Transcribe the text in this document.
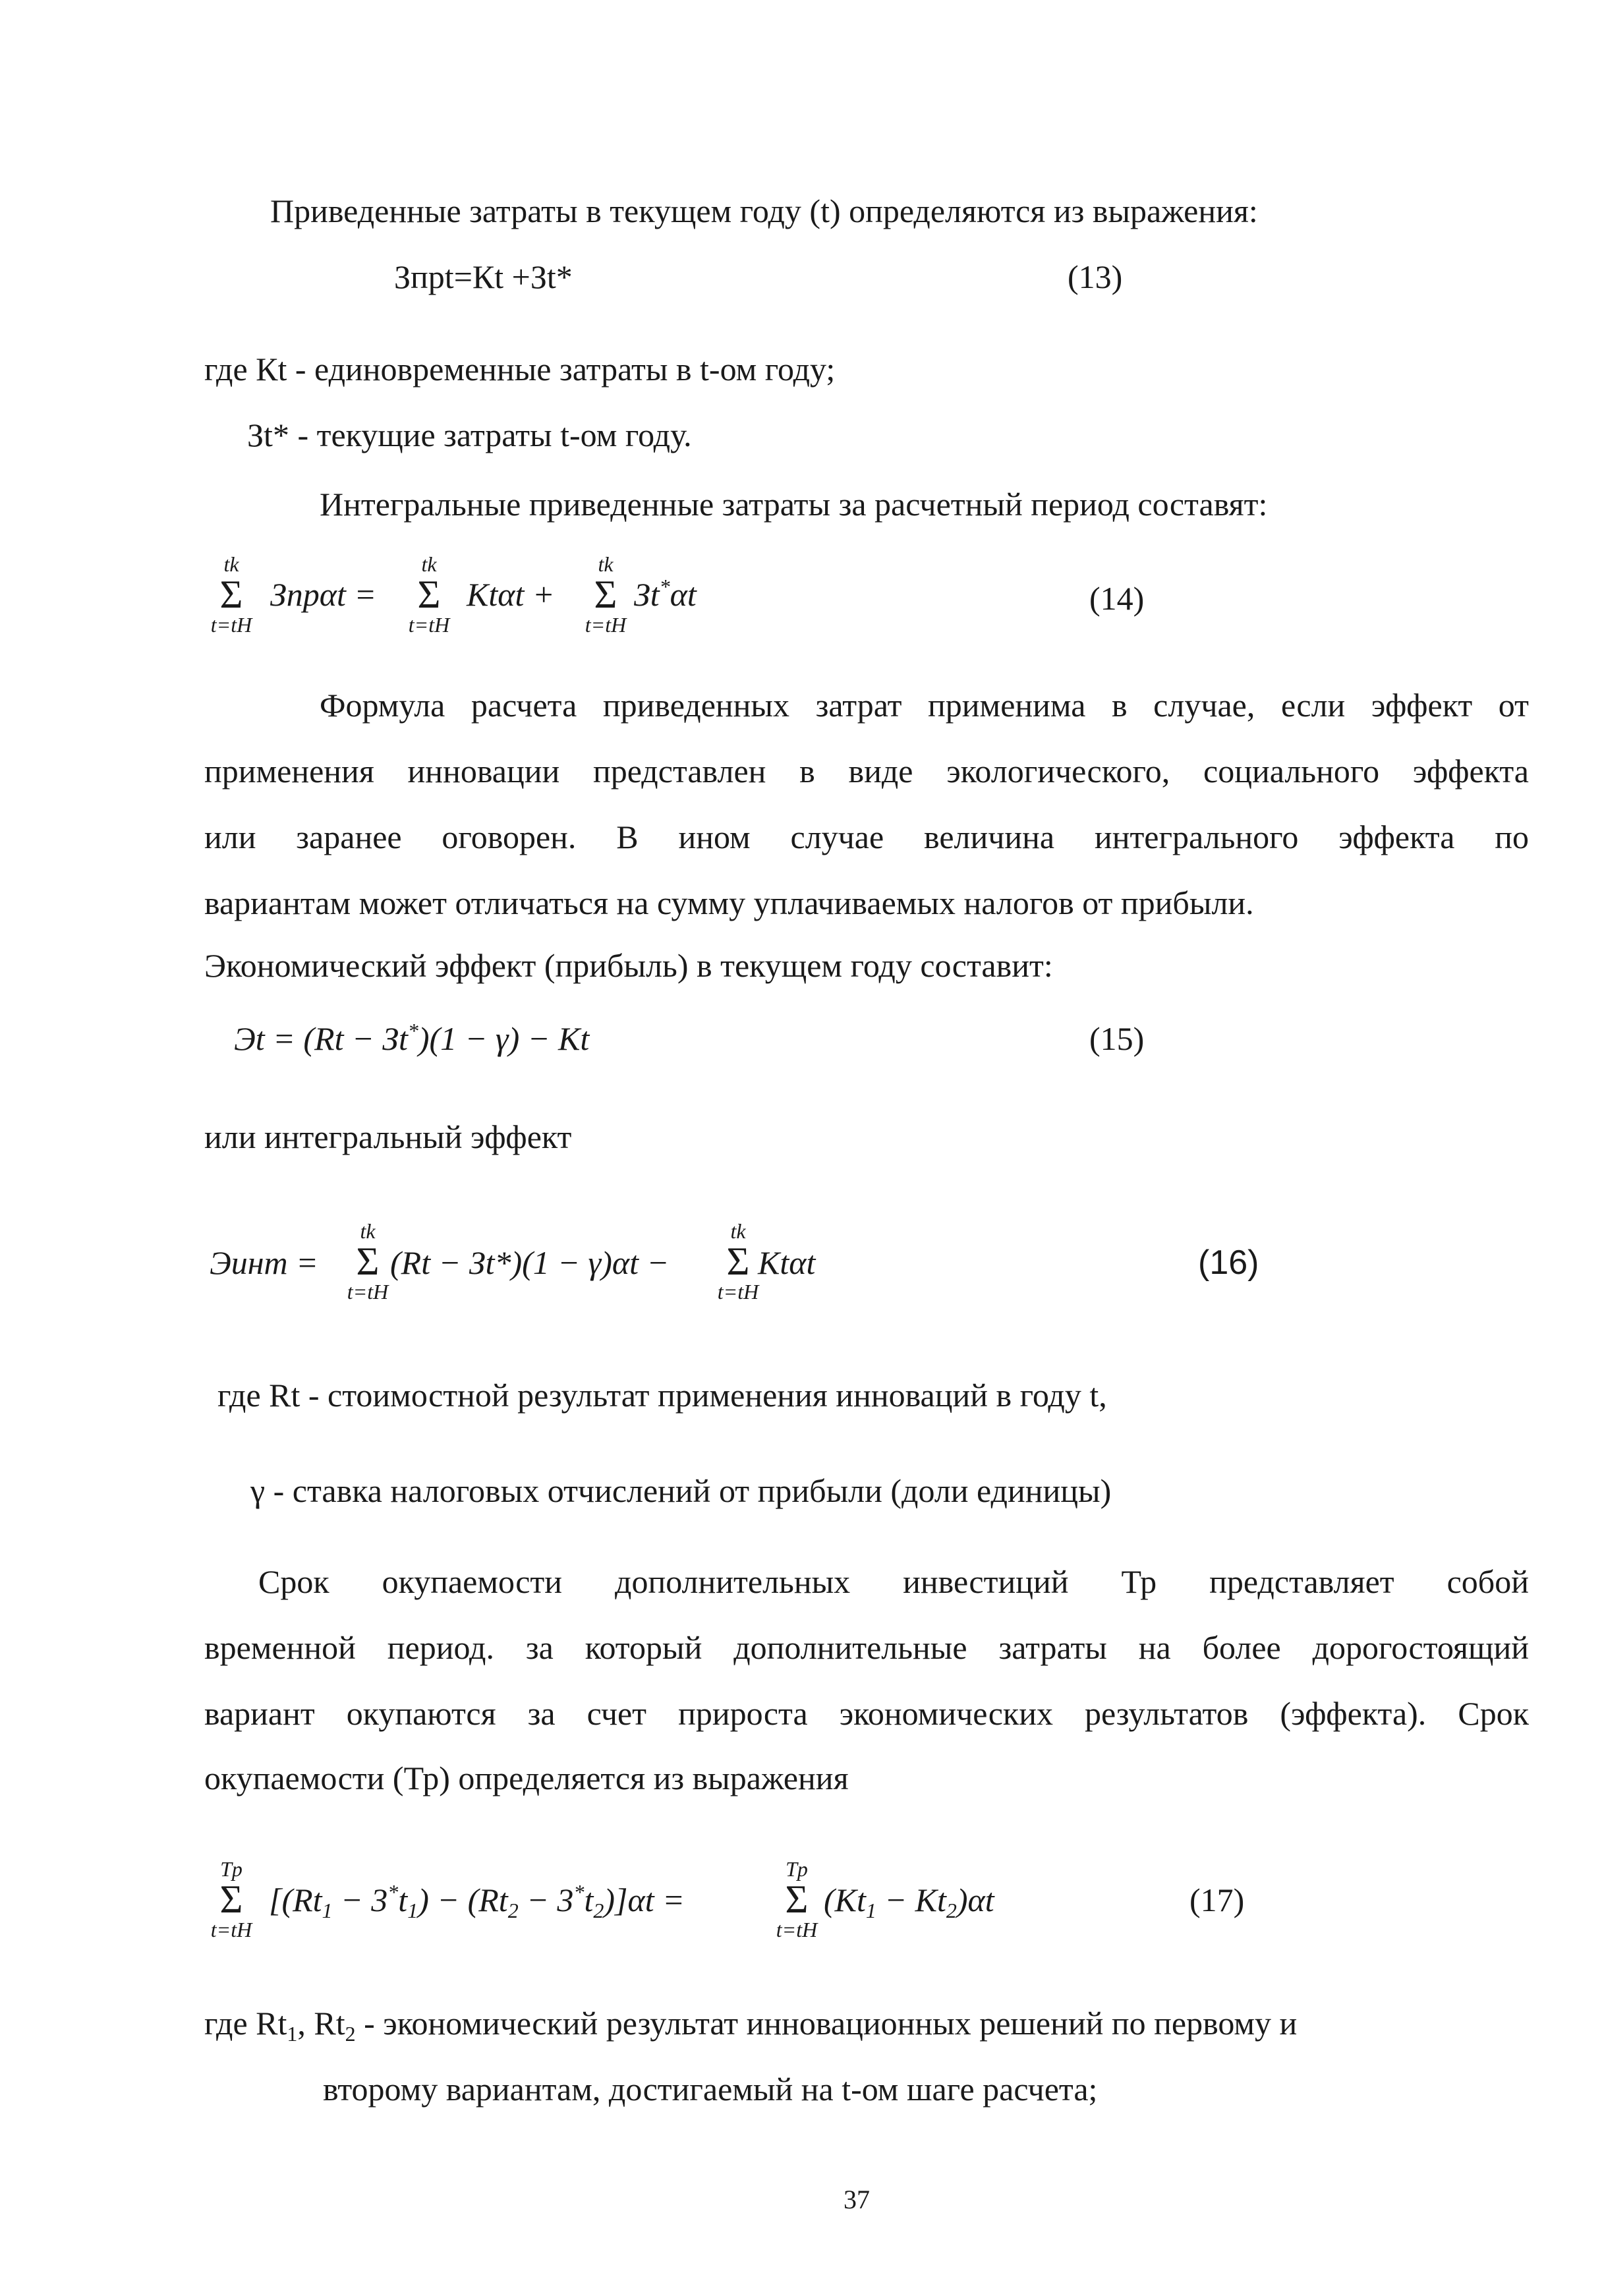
Приведенные затраты в текущем году (t) определяются из выражения:
Зпрt=Кt +Зt*	(13)
где Кt - единовременные затраты в t-ом году;
Зt* - текущие затраты t-ом году.
Интегральные приведенные затраты за расчетный период составят:
tk
Σ
t=tH
Зnpαt =
tk
Σ
t=tH
Ktαt +
tk
Σ
t=tH
Зt*αt	(14)
Формула расчета приведенных затрат применима в случае, если эффект от
применения инновации представлен в виде экологического, социального эффекта
или заранее оговорен. В ином случае величина интегрального эффекта по
вариантам может отличаться на сумму уплачиваемых налогов от прибыли.
Экономический эффект (прибыль) в текущем году составит:
Эt = (Rt − Зt*)(1 − γ) − Kt	(15)
или интегральный эффект
Эинт =
tk
Σ
t=tH
(Rt − Зt*)(1 − γ)αt −
tk
Σ
t=tH
Ktαt	(16)
где Rt - стоимостной результат применения инноваций в году t,
γ - ставка налоговых отчислений от прибыли (доли единицы)
Срок окупаемости дополнительных инвестиций Тр представляет собой
временной период. за который дополнительные затраты на более дорогостоящий
вариант окупаются за счет прироста экономических результатов (эффекта). Срок
окупаемости (Тр) определяется из выражения
Tp
Σ
t=tH
$[(Rt_1 - 3^*t_1) - (Rt_2 - 3^*t_2)]\alpha t$ =
Tp
Σ
t=tH
$(Kt_1 - Kt_2)\alpha t$	(17)
где $Rt_1$, $Rt_2$ - экономический результат инновационных решений по первому и
второму вариантам, достигаемый на t-ом шаге расчета;
37
